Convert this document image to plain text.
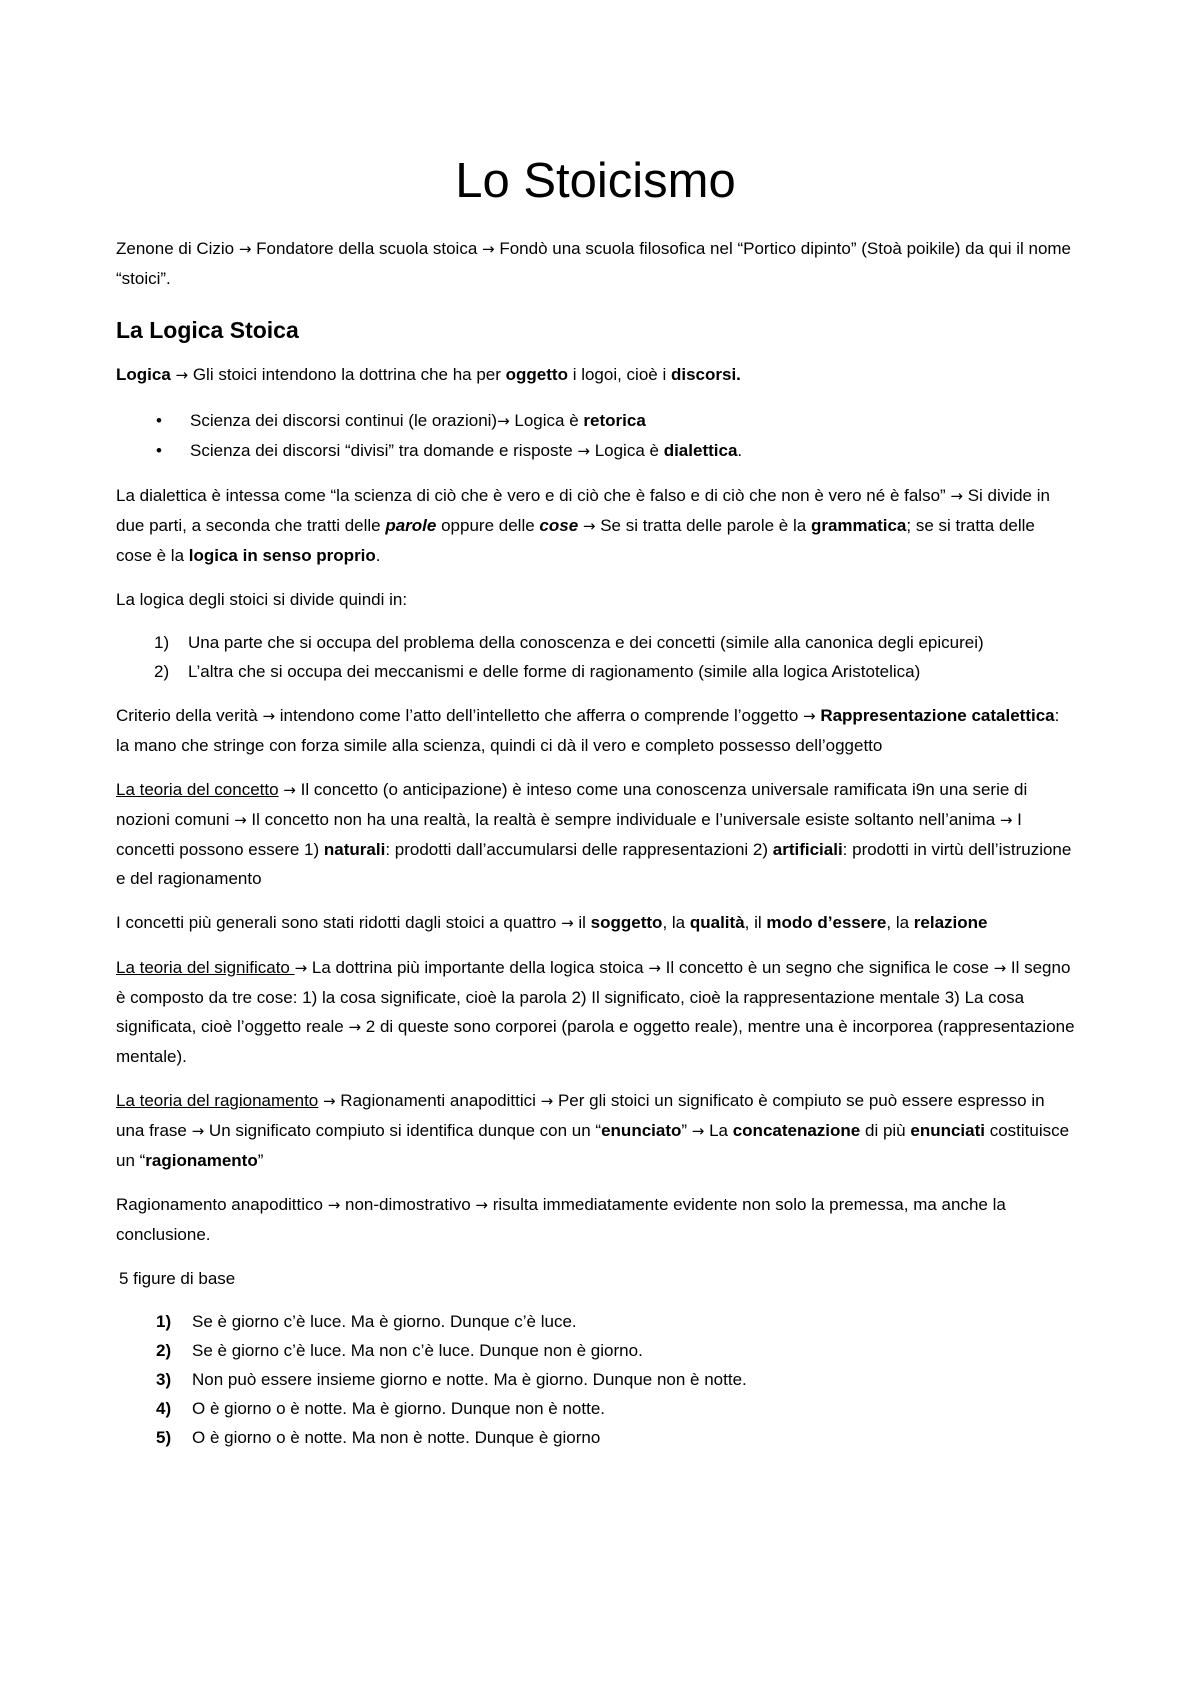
Lo Stoicismo

Zenone di Cizio → Fondatore della scuola stoica → Fondò una scuola filosofica nel “Portico dipinto” (Stoà poikile) da qui il nome “stoici”.

La Logica Stoica

Logica → Gli stoici intendono la dottrina che ha per oggetto i logoi, cioè i discorsi.

• Scienza dei discorsi continui (le orazioni)→ Logica è retorica
• Scienza dei discorsi “divisi” tra domande e risposte → Logica è dialettica.

La dialettica è intessa come “la scienza di ciò che è vero e di ciò che è falso e di ciò che non è vero né è falso” → Si divide in due parti, a seconda che tratti delle parole oppure delle cose → Se si tratta delle parole è la grammatica; se si tratta delle cose è la logica in senso proprio.

La logica degli stoici si divide quindi in:

1) Una parte che si occupa del problema della conoscenza e dei concetti (simile alla canonica degli epicurei)
2) L’altra che si occupa dei meccanismi e delle forme di ragionamento (simile alla logica Aristotelica)

Criterio della verità → intendono come l’atto dell’intelletto che afferra o comprende l’oggetto → Rappresentazione catalettica: la mano che stringe con forza simile alla scienza, quindi ci dà il vero e completo possesso dell’oggetto

La teoria del concetto → Il concetto (o anticipazione) è inteso come una conoscenza universale ramificata i9n una serie di nozioni comuni → Il concetto non ha una realtà, la realtà è sempre individuale e l’universale esiste soltanto nell’anima → I concetti possono essere 1) naturali: prodotti dall’accumularsi delle rappresentazioni 2) artificiali: prodotti in virtù dell’istruzione e del ragionamento

I concetti più generali sono stati ridotti dagli stoici a quattro → il soggetto, la qualità, il modo d’essere, la relazione

La teoria del significato → La dottrina più importante della logica stoica → Il concetto è un segno che significa le cose → Il segno è composto da tre cose: 1) la cosa significate, cioè la parola 2) Il significato, cioè la rappresentazione mentale 3) La cosa significata, cioè l’oggetto reale → 2 di queste sono corporei (parola e oggetto reale), mentre una è incorporea (rappresentazione mentale).

La teoria del ragionamento → Ragionamenti anapodittici → Per gli stoici un significato è compiuto se può essere espresso in una frase → Un significato compiuto si identifica dunque con un “enunciato” → La concatenazione di più enunciati costituisce un “ragionamento”

Ragionamento anapodittico → non-dimostrativo → risulta immediatamente evidente non solo la premessa, ma anche la conclusione.

5 figure di base

1) Se è giorno c’è luce. Ma è giorno. Dunque c’è luce.
2) Se è giorno c’è luce. Ma non c’è luce. Dunque non è giorno.
3) Non può essere insieme giorno e notte. Ma è giorno. Dunque non è notte.
4) O è giorno o è notte. Ma è giorno. Dunque non è notte.
5) O è giorno o è notte. Ma non è notte. Dunque è giorno
